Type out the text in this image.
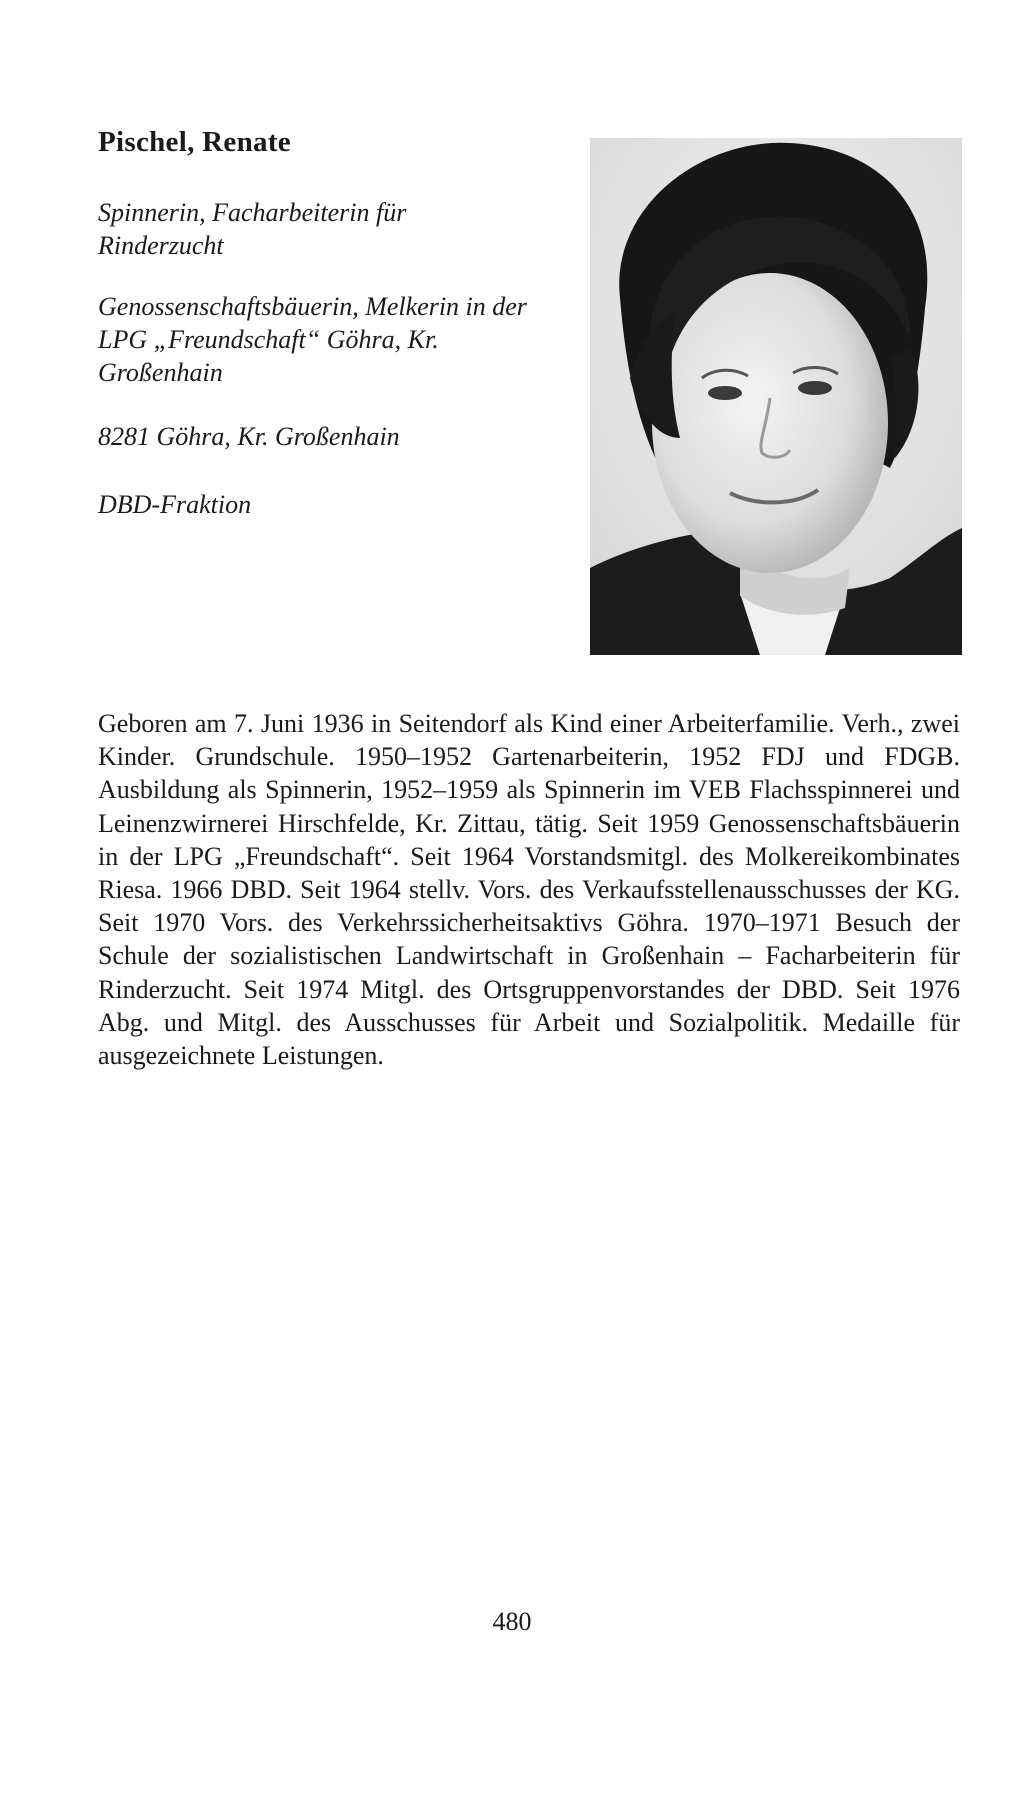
Pischel, Renate

Spinnerin, Facharbeiterin für Rinderzucht

Genossenschaftsbäuerin, Melkerin in der LPG „Freundschaft“ Göhra, Kr. Großenhain

8281 Göhra, Kr. Großenhain

DBD-Fraktion

Geboren am 7. Juni 1936 in Seitendorf als Kind einer Arbeiterfamilie. Verh., zwei Kinder. Grundschule. 1950–1952 Gartenarbeiterin, 1952 FDJ und FDGB. Ausbildung als Spinnerin, 1952–1959 als Spinnerin im VEB Flachsspinnerei und Leinenzwirnerei Hirschfelde, Kr. Zittau, tätig. Seit 1959 Genossenschaftsbäuerin in der LPG „Freundschaft“. Seit 1964 Vorstandsmitgl. des Molkereikombinates Riesa. 1966 DBD. Seit 1964 stellv. Vors. des Verkaufsstellenausschusses der KG. Seit 1970 Vors. des Verkehrssicherheitsaktivs Göhra. 1970–1971 Besuch der Schule der sozialistischen Landwirtschaft in Großenhain – Facharbeiterin für Rinderzucht. Seit 1974 Mitgl. des Ortsgruppenvorstandes der DBD. Seit 1976 Abg. und Mitgl. des Ausschusses für Arbeit und Sozialpolitik. Medaille für ausgezeichnete Leistungen.

480
